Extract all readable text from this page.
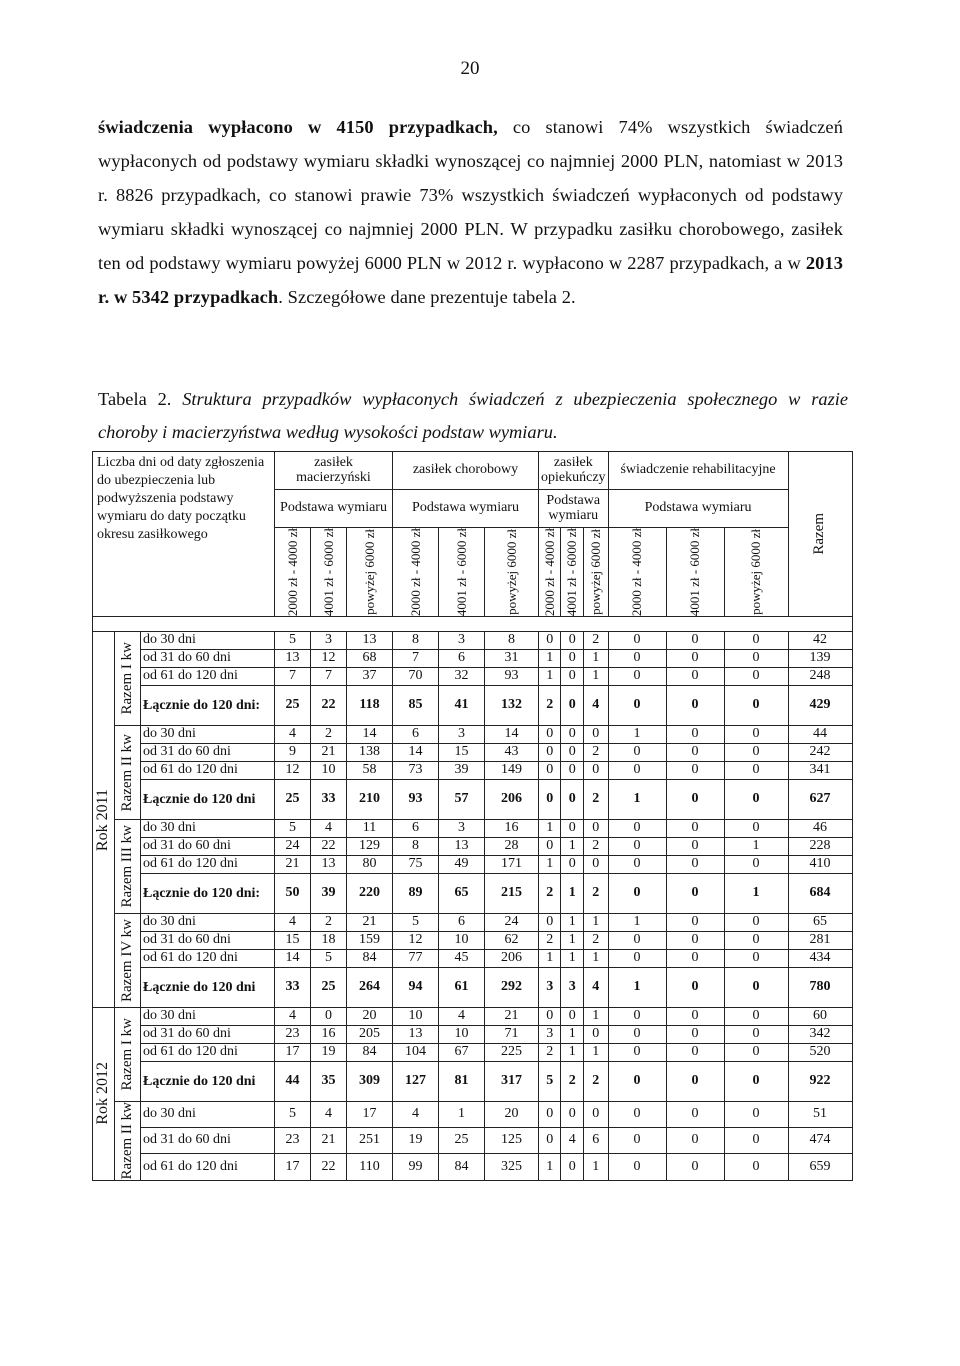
20
świadczenia wypłacono w 4150 przypadkach, co stanowi 74% wszystkich świadczeń wypłaconych od podstawy wymiaru składki wynoszącej co najmniej 2000 PLN, natomiast w 2013 r. 8826 przypadkach, co stanowi prawie 73% wszystkich świadczeń wypłaconych od podstawy wymiaru składki wynoszącej co najmniej 2000 PLN. W przypadku zasiłku chorobowego, zasiłek ten od podstawy wymiaru powyżej 6000 PLN w 2012 r. wypłacono w 2287 przypadkach, a w 2013 r. w 5342 przypadkach. Szczegółowe dane prezentuje tabela 2.
Tabela 2. Struktura przypadków wypłaconych świadczeń z ubezpieczenia społecznego w razie choroby i macierzyństwa według wysokości podstaw wymiaru.
Liczba dni od daty zgłoszenia do ubezpieczenia lub podwyższenia podstawy wymiaru do daty początku okresu zasiłkowego			zasiłek macierzyński			zasiłek chorobowy			zasiłek opiekuńczy			świadczenie rehabilitacyjne			Razem

			Podstawa wymiaru			Podstawa wymiaru			Podstawa wymiaru			Podstawa wymiaru			

			2000 zł - 4000 zł	4001 zł - 6000 zł	powyżej 6000 zł	2000 zł - 4000 zł	4001 zł - 6000 zł	powyżej 6000 zł	2000 zł - 4000 zł	4001 zł - 6000 zł	powyżej 6000 zł	2000 zł - 4000 zł	4001 zł - 6000 zł	powyżej 6000 zł	

Rok 2011	Razem I kw	do 30 dni	5	3	13	8	3	8	0	0	2	0	0	0	42
		od 31 do 60 dni	13	12	68	7	6	31	1	0	1	0	0	0	139
		od 61 do 120 dni	7	7	37	70	32	93	1	0	1	0	0	0	248
		Łącznie do 120 dni:	25	22	118	85	41	132	2	0	4	0	0	0	429

	Razem II kw	do 30 dni	4	2	14	6	3	14	0	0	0	1	0	0	44
		od 31 do 60 dni	9	21	138	14	15	43	0	0	2	0	0	0	242
		od 61 do 120 dni	12	10	58	73	39	149	0	0	0	0	0	0	341
		Łącznie do 120 dni	25	33	210	93	57	206	0	0	2	1	0	0	627

	Razem III kw	do 30 dni	5	4	11	6	3	16	1	0	0	0	0	0	46
		od 31 do 60 dni	24	22	129	8	13	28	0	1	2	0	0	1	228
		od 61 do 120 dni	21	13	80	75	49	171	1	0	0	0	0	0	410
		Łącznie do 120 dni:	50	39	220	89	65	215	2	1	2	0	0	1	684

	Razem IV kw	do 30 dni	4	2	21	5	6	24	0	1	1	1	0	0	65
		od 31 do 60 dni	15	18	159	12	10	62	2	1	2	0	0	0	281
		od 61 do 120 dni	14	5	84	77	45	206	1	1	1	0	0	0	434
		Łącznie do 120 dni	33	25	264	94	61	292	3	3	4	1	0	0	780

Rok 2012	Razem I kw	do 30 dni	4	0	20	10	4	21	0	0	1	0	0	0	60
		od 31 do 60 dni	23	16	205	13	10	71	3	1	0	0	0	0	342
		od 61 do 120 dni	17	19	84	104	67	225	2	1	1	0	0	0	520
		Łącznie do 120 dni	44	35	309	127	81	317	5	2	2	0	0	0	922

	Razem II kw	do 30 dni	5	4	17	4	1	20	0	0	0	0	0	0	51
		od 31 do 60 dni	23	21	251	19	25	125	0	4	6	0	0	0	474
		od 61 do 120 dni	17	22	110	99	84	325	1	0	1	0	0	0	659
